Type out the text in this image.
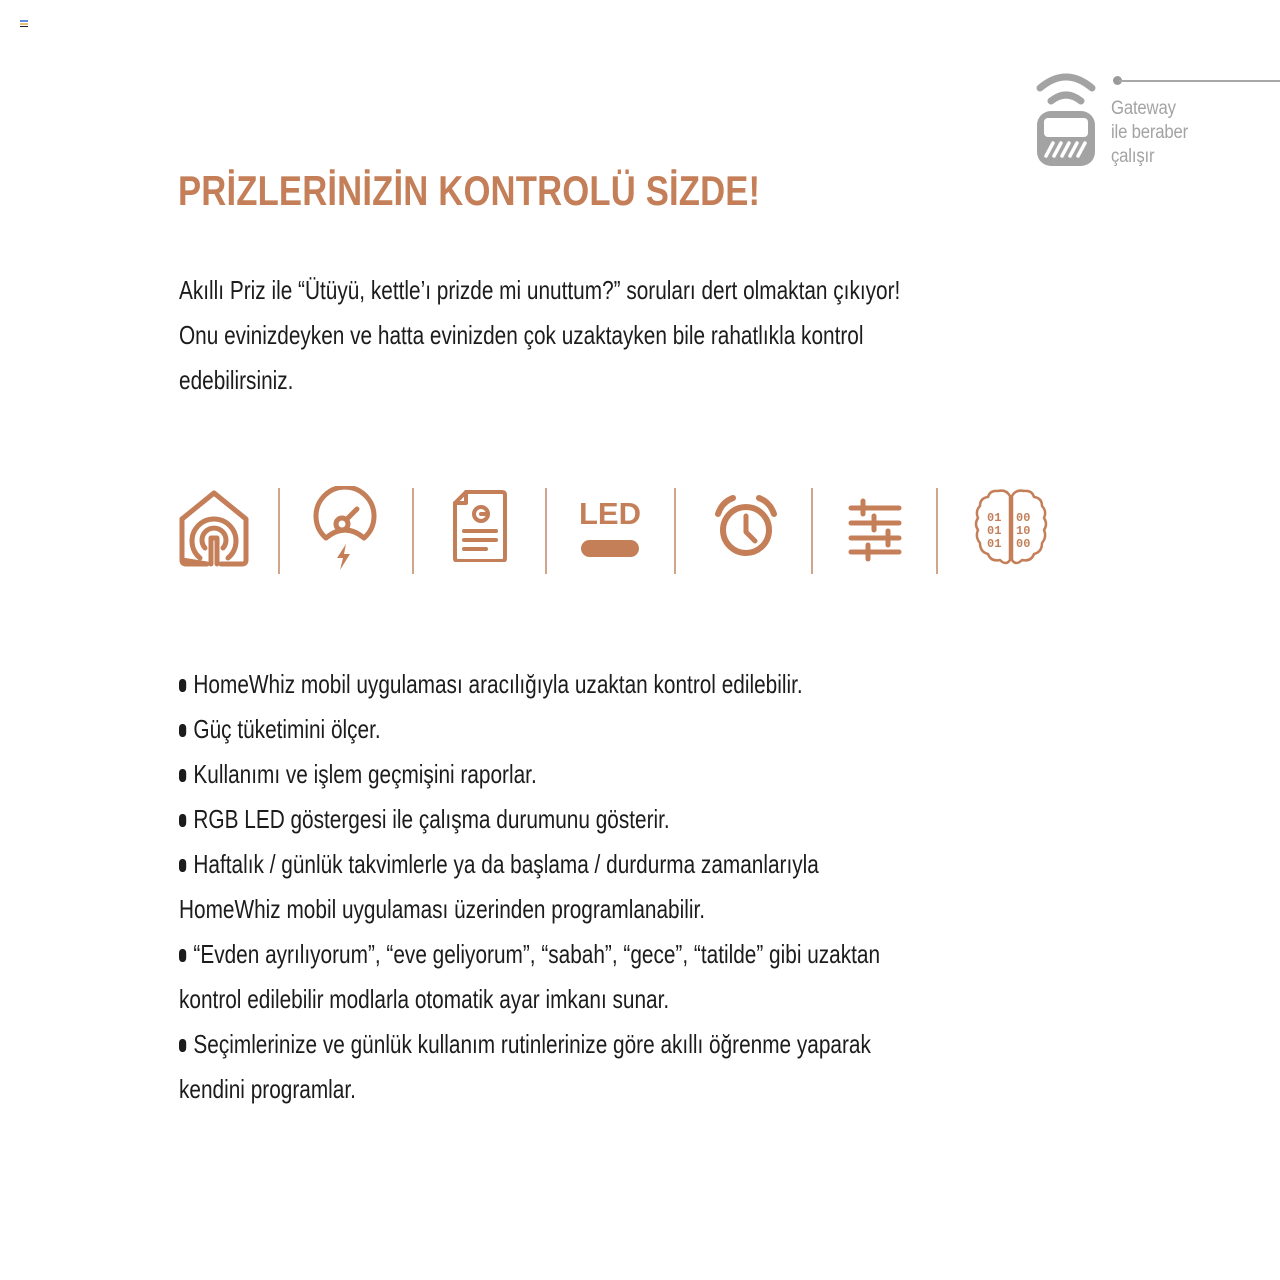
Gateway
ile beraber
çalışır
PRİZLERİNİZİN KONTROLÜ SİZDE!
Akıllı Priz ile “Ütüyü, kettle’ı prizde mi unuttum?” soruları dert olmaktan çıkıyor!
Onu evinizdeyken ve hatta evinizden çok uzaktayken bile rahatlıkla kontrol
edebilirsiniz.
LED	01 00
01 10
01 00
HomeWhiz mobil uygulaması aracılığıyla uzaktan kontrol edilebilir.
Güç tüketimini ölçer.
Kullanımı ve işlem geçmişini raporlar.
RGB LED göstergesi ile çalışma durumunu gösterir.
Haftalık / günlük takvimlerle ya da başlama / durdurma zamanlarıyla
HomeWhiz mobil uygulaması üzerinden programlanabilir.
“Evden ayrılıyorum”, “eve geliyorum”, “sabah”, “gece”, “tatilde” gibi uzaktan
kontrol edilebilir modlarla otomatik ayar imkanı sunar.
Seçimlerinize ve günlük kullanım rutinlerinize göre akıllı öğrenme yaparak
kendini programlar.
